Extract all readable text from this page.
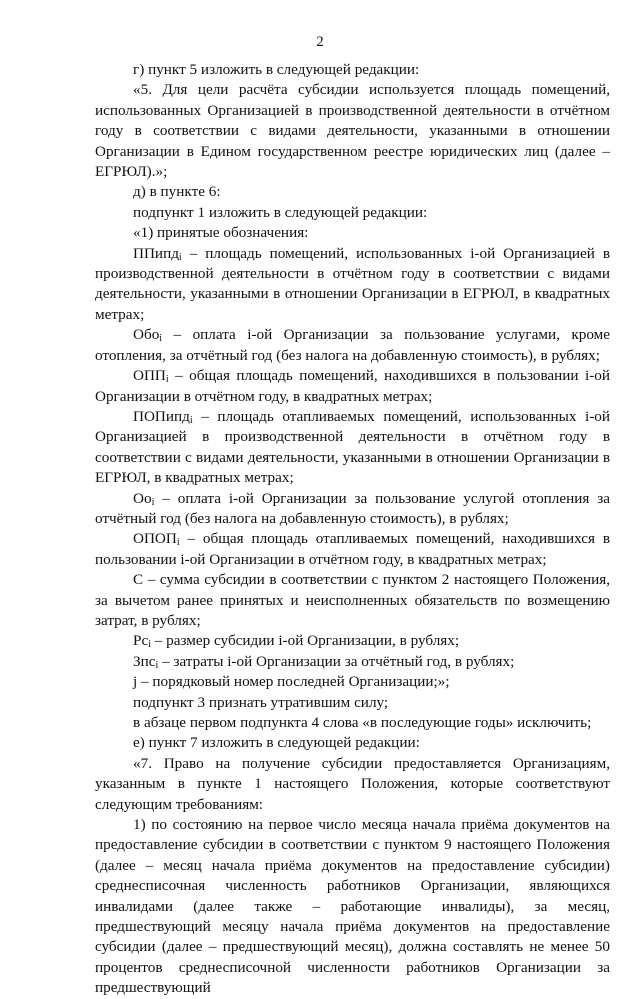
2

г) пункт 5 изложить в следующей редакции:

«5. Для цели расчёта субсидии используется площадь помещений, использованных Организацией в производственной деятельности в отчётном году в соответствии с видами деятельности, указанными в отношении Организации в Едином государственном реестре юридических лиц (далее – ЕГРЮЛ).»;

д) в пункте 6:

подпункт 1 изложить в следующей редакции:

«1) принятые обозначения:

ППипд$_i$ – площадь помещений, использованных i-ой Организацией в производственной деятельности в отчётном году в соответствии с видами деятельности, указанными в отношении Организации в ЕГРЮЛ, в квадратных метрах;

Обо$_i$ – оплата i-ой Организации за пользование услугами, кроме отопления, за отчётный год (без налога на добавленную стоимость), в рублях;

$ОПП_i$ – общая площадь помещений, находившихся в пользовании i-ой Организации в отчётном году, в квадратных метрах;

ПОПипд$_i$ – площадь отапливаемых помещений, использованных i-ой Организацией в производственной деятельности в отчётном году в соответствии с видами деятельности, указанными в отношении Организации в ЕГРЮЛ, в квадратных метрах;

$Оо_i$ – оплата i-ой Организации за пользование услугой отопления за отчётный год (без налога на добавленную стоимость), в рублях;

$ОПОП_i$ – общая площадь отапливаемых помещений, находившихся в пользовании i-ой Организации в отчётном году, в квадратных метрах;

С – сумма субсидии в соответствии с пунктом 2 настоящего Положения, за вычетом ранее принятых и неисполненных обязательств по возмещению затрат, в рублях;

$Рс_i$ – размер субсидии i-ой Организации, в рублях;

Зпс$_i$ – затраты i-ой Организации за отчётный год, в рублях;

j – порядковый номер последней Организации;»;

подпункт 3 признать утратившим силу;

в абзаце первом подпункта 4 слова «в последующие годы» исключить;

е) пункт 7 изложить в следующей редакции:

«7. Право на получение субсидии предоставляется Организациям, указанным в пункте 1 настоящего Положения, которые соответствуют следующим требованиям:

1) по состоянию на первое число месяца начала приёма документов на предоставление субсидии в соответствии с пунктом 9 настоящего Положения (далее – месяц начала приёма документов на предоставление субсидии) среднесписочная численность работников Организации, являющихся инвалидами (далее также – работающие инвалиды), за месяц, предшествующий месяцу начала приёма документов на предоставление субсидии (далее – предшествующий месяц), должна составлять не менее 50 процентов среднесписочной численности работников Организации за предшествующий
